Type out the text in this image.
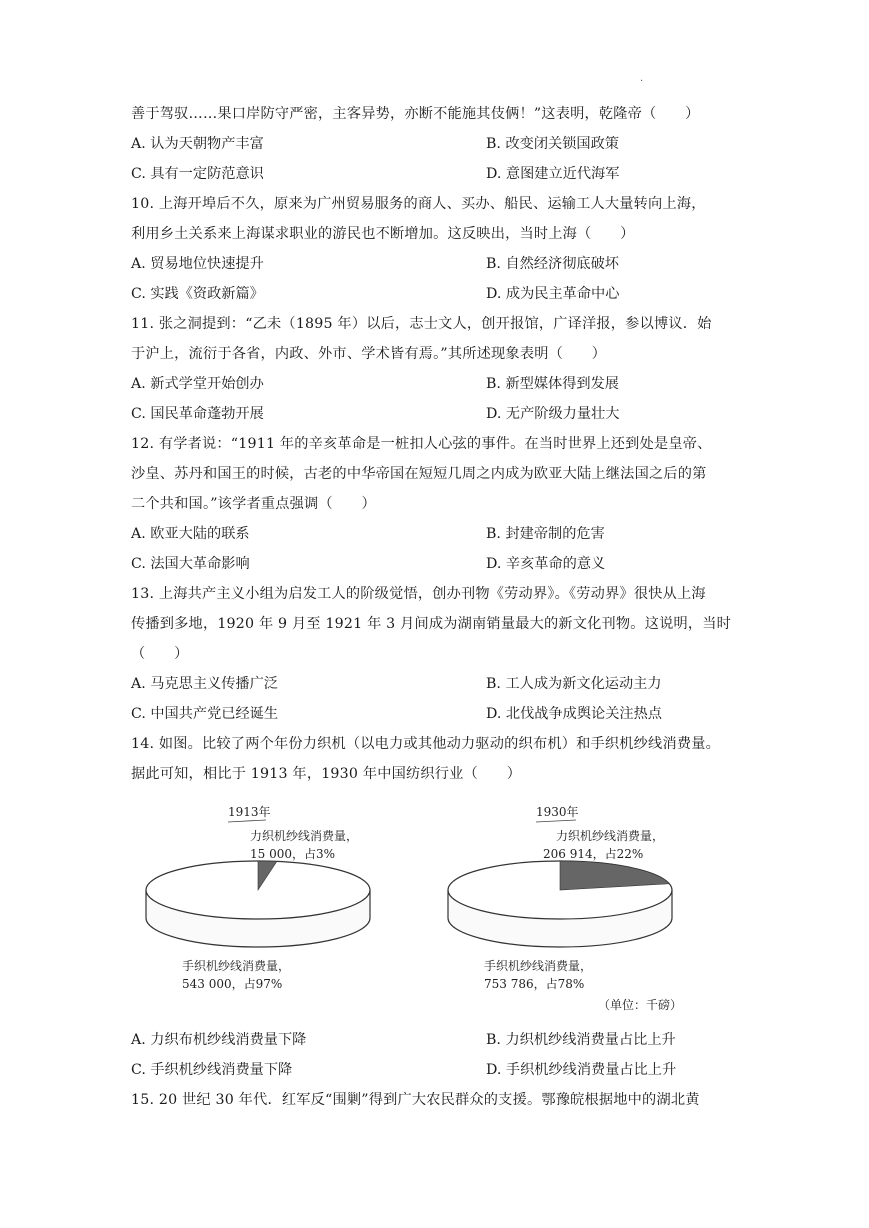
·
善于驾驭……果口岸防守严密，主客异势，亦断不能施其伎俩！”这表明，乾隆帝（　　）
A. 认为天朝物产丰富	B. 改变闭关锁国政策
C. 具有一定防范意识	D. 意图建立近代海军
10. 上海开埠后不久，原来为广州贸易服务的商人、买办、船民、运输工人大量转向上海，
利用乡土关系来上海谋求职业的游民也不断增加。这反映出，当时上海（　　）
A. 贸易地位快速提升	B. 自然经济彻底破坏
C. 实践《资政新篇》	D. 成为民主革命中心
11. 张之洞提到：“乙未（1895 年）以后，志士文人，创开报馆，广译洋报，参以博议．始
于沪上，流衍于各省，内政、外市、学术皆有焉。”其所述现象表明（　　）
A. 新式学堂开始创办	B. 新型媒体得到发展
C. 国民革命蓬勃开展	D. 无产阶级力量壮大
12. 有学者说：“1911 年的辛亥革命是一桩扣人心弦的事件。在当时世界上还到处是皇帝、
沙皇、苏丹和国王的时候，古老的中华帝国在短短几周之内成为欧亚大陆上继法国之后的第
二个共和国。”该学者重点强调（　　）
A. 欧亚大陆的联系	B. 封建帝制的危害
C. 法国大革命影响	D. 辛亥革命的意义
13. 上海共产主义小组为启发工人的阶级觉悟，创办刊物《劳动界》。《劳动界》很快从上海
传播到多地，1920 年 9 月至 1921 年 3 月间成为湖南销量最大的新文化刊物。这说明，当时
（　　）
A. 马克思主义传播广泛	B. 工人成为新文化运动主力
C. 中国共产党已经诞生	D. 北伐战争成舆论关注热点
14. 如图。比较了两个年份力织机（以电力或其他动力驱动的织布机）和手织机纱线消费量。
据此可知，相比于 1913 年，1930 年中国纺织行业（　　）
1913年
力织机纱线消费量，
15 000，占3%
手织机纱线消费量，
543 000，占97%
1930年
力织机纱线消费量，
206 914，占22%
手织机纱线消费量，
753 786，占78%
（单位：千磅）
A. 力织布机纱线消费量下降	B. 力织机纱线消费量占比上升
C. 手织机纱线消费量下降	D. 手织机纱线消费量占比上升
15. 20 世纪 30 年代．红军反“围剿”得到广大农民群众的支援。鄂豫皖根据地中的湖北黄
